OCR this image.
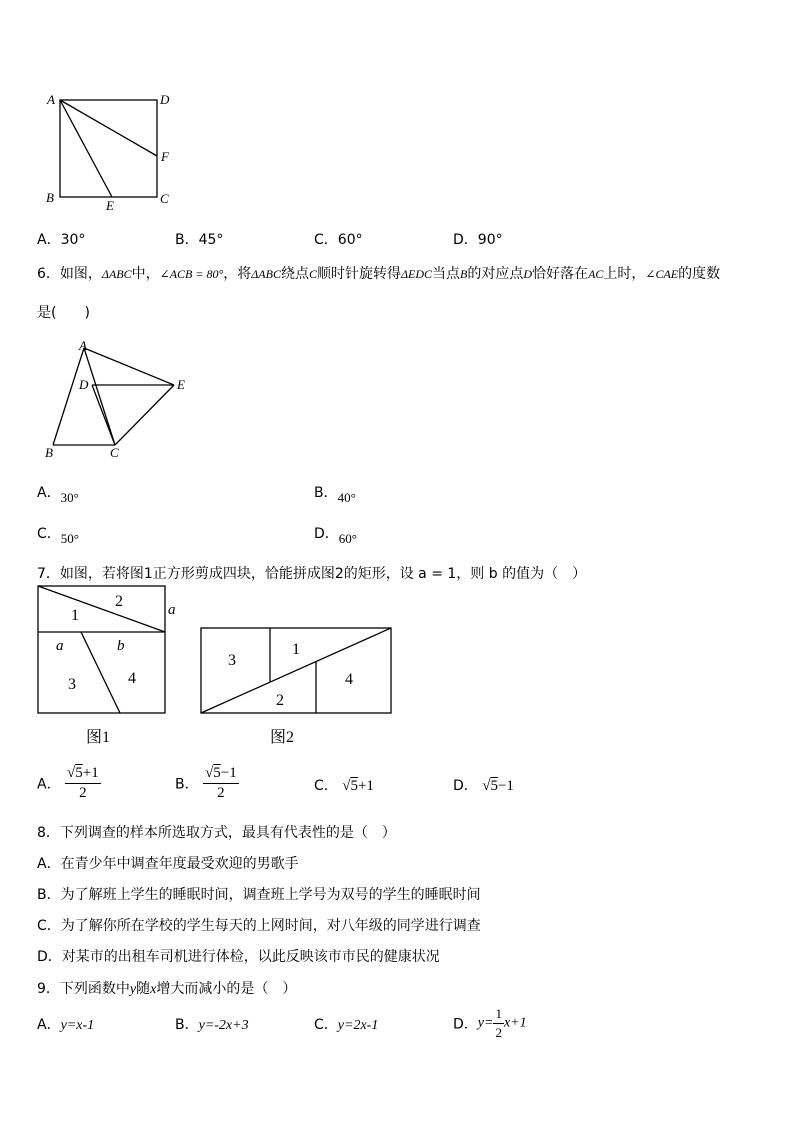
A	D
F
B	C
E
A．30°	B．45°	C．60°	D．90°
6．如图，ΔABC中，∠ACB = 80°，将ΔABC绕点C顺时针旋转得ΔEDC当点B的对应点D恰好落在AC上时，∠CAE的度数
是(　　)
A
D	E
B	C
A．30°	B．40°
C．50°	D．60°
7．如图，若将图1正方形剪成四块，恰能拼成图2的矩形，设 a = 1，则 b 的值为（　）
1
2	a
a	b
3	4
图1
3
1
4
2
图2
A． $\frac{√5+1}{2}$	B． $\frac{√5-1}{2}$	C． √5+1	D． √5−1
8．下列调查的样本所选取方式，最具有代表性的是（　）
A．在青少年中调查年度最受欢迎的男歌手
B．为了解班上学生的睡眠时间，调查班上学号为双号的学生的睡眠时间
C．为了解你所在学校的学生每天的上网时间，对八年级的同学进行调查
D．对某市的出租车司机进行体检，以此反映该市市民的健康状况
9．下列函数中y随x增大而减小的是（　）
A．y=x-1	B．y=-2x+3	C．y=2x-1	D．$y= \frac{1}{2} x+1$
